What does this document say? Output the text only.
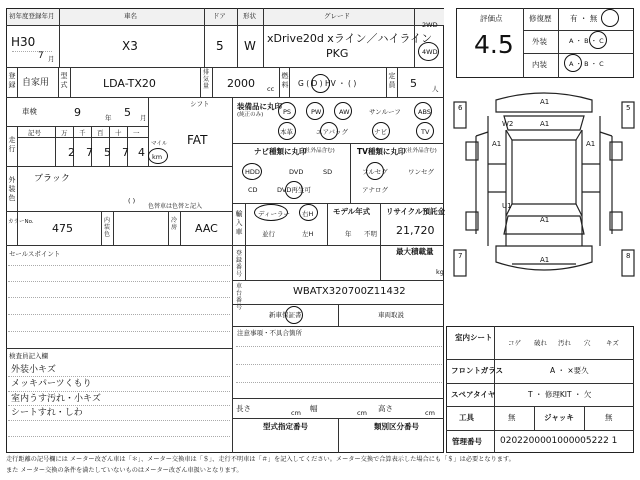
初年度登録年月	車名	ドア	形状	グレード
2WD
4WD
H30
7 月
X3	5 W
xDrive20d xライン／ハイライン
PKG
登録 自家用
型式	LDA-TX20
排気量 2000 cc
燃料 G ( D ) HV ・ ( )
定員 5 人
車検	9	年 5 月
シフト
FAT
走行
記号	万 千 百 十 一
2 7 5 7 4
マイル
km
外装色
ブラック
( )
色替車は色替と記入
カラーNo. 475
内装色
冷房 AAC
セールスポイント
検査員記入欄
外装小キズ
メッキパーツくもり
室内うす汚れ・小キズ
シートすれ・しわ
装備品に丸印
(純正のみ)	PS	PW	AW	サンルーフ	ABS
本革	エアバッグ	ナビ	TV
ナビ種類に丸印
(社外品含む)	TV種類に丸印 (社外品含む)
HDD	DVD	SD
CD	DVD再生可
フルセグ	ワンセグ
アナログ
輸入車
ディーラー 右H
並行	左H
モデル年式
年 不明
リサイクル預託金
21,720
最大積載量
kg
登録番号
車台番号
WBATX320700Z11432
新車保証書	車両取説
注意事項・不具合箇所
長さ	cm 幅	cm 高さ	cm
型式指定番号	類別区分番号
評価点
4.5
修復歴 有 ・ 無
外装	A ・ B ・ C
内装	A ・ B ・ C
6	5
7	8
A1
A1
W2
A1	A1
U1
A1
A1
室内シート
コゲ 破れ 汚れ 穴 キズ
フロントガラス	A ・ ×要久
スペアタイヤ	T ・ 修理KIT ・ 欠
工具	無	ジャッキ	無
管理番号 0202200001000005222 1
走行距離の記号欄には メーター改ざん車は「＊」、メーター交換車は「＄」、走行不明車は「＃」を記入してください。メーター交換で合算表示した場合にも「＄」は必要となります。
また メーター交換の条件を満たしていないものはメーター改ざん車扱いとなります。
